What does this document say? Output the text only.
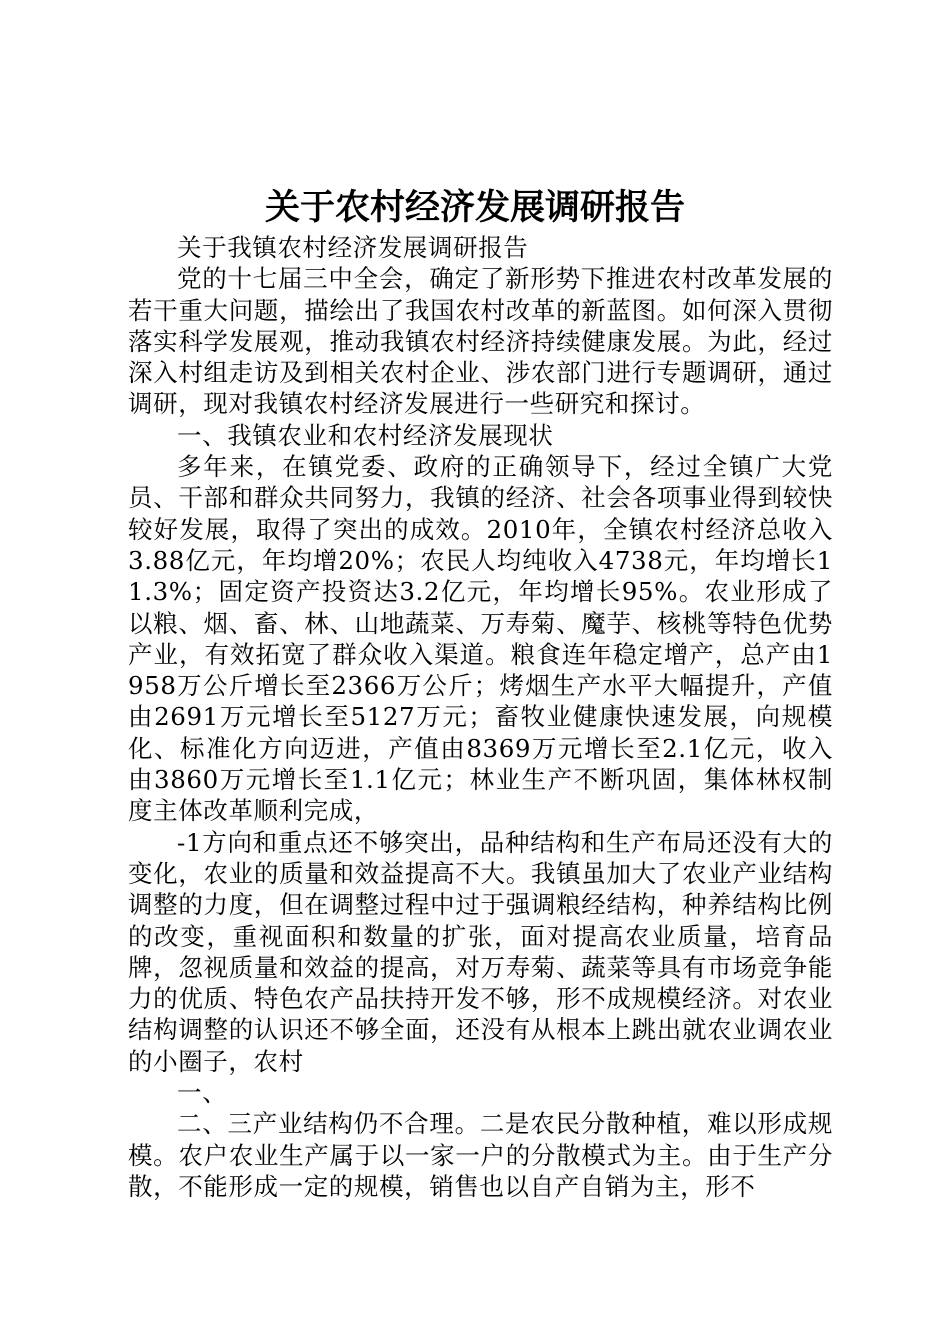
关于农村经济发展调研报告

关于我镇农村经济发展调研报告

党的十七届三中全会，确定了新形势下推进农村改革发展的若干重大问题，描绘出了我国农村改革的新蓝图。如何深入贯彻落实科学发展观，推动我镇农村经济持续健康发展。为此，经过深入村组走访及到相关农村企业、涉农部门进行专题调研，通过调研，现对我镇农村经济发展进行一些研究和探讨。

一、我镇农业和农村经济发展现状

多年来，在镇党委、政府的正确领导下，经过全镇广大党员、干部和群众共同努力，我镇的经济、社会各项事业得到较快较好发展，取得了突出的成效。2010年，全镇农村经济总收入3.88亿元，年均增20%；农民人均纯收入4738元，年均增长11.3%；固定资产投资达3.2亿元，年均增长95%。农业形成了以粮、烟、畜、林、山地蔬菜、万寿菊、魔芋、核桃等特色优势产业，有效拓宽了群众收入渠道。粮食连年稳定增产，总产由1958万公斤增长至2366万公斤；烤烟生产水平大幅提升，产值由2691万元增长至5127万元；畜牧业健康快速发展，向规模化、标准化方向迈进，产值由8369万元增长至2.1亿元，收入由3860万元增长至1.1亿元；林业生产不断巩固，集体林权制度主体改革顺利完成，

-1方向和重点还不够突出，品种结构和生产布局还没有大的变化，农业的质量和效益提高不大。我镇虽加大了农业产业结构调整的力度，但在调整过程中过于强调粮经结构，种养结构比例的改变，重视面积和数量的扩张，面对提高农业质量，培育品牌，忽视质量和效益的提高，对万寿菊、蔬菜等具有市场竞争能力的优质、特色农产品扶持开发不够，形不成规模经济。对农业结构调整的认识还不够全面，还没有从根本上跳出就农业调农业的小圈子，农村

一、

二、三产业结构仍不合理。二是农民分散种植，难以形成规模。农户农业生产属于以一家一户的分散模式为主。由于生产分散，不能形成一定的规模，销售也以自产自销为主，形不
